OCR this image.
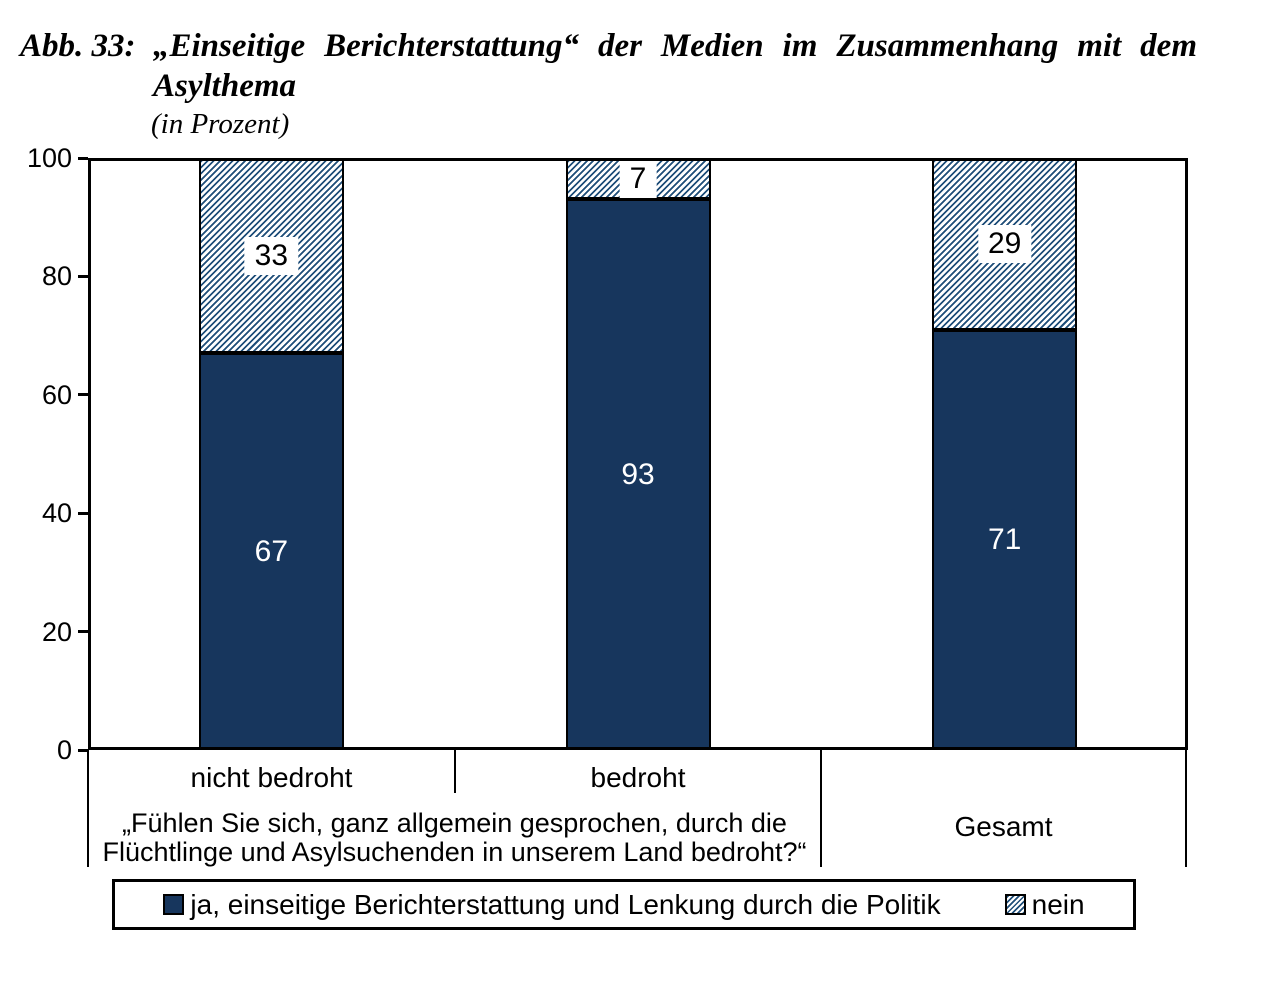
Abb. 33: „Einseitige Berichterstattung“ der Medien im Zusammenhang mit dem
Asylthema
(in Prozent)
nicht bedroht	bedroht
„Fühlen Sie sich, ganz allgemein gesprochen, durch die
Flüchtlinge und Asylsuchenden in unserem Land bedroht?“
Gesamt
ja, einseitige Berichterstattung und Lenkung durch die Politik	nein
0
20
40
60
80
100
67
33
93
7
71
29
